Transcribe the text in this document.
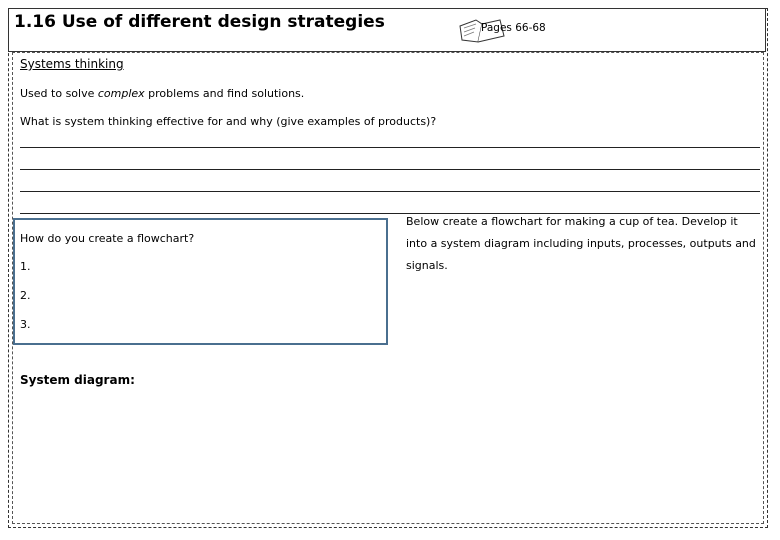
1.16 Use of different design strategies	Pages 66-68
Systems thinking
Used to solve complex problems and find solutions.
What is system thinking effective for and why (give examples of products)?
How do you create a flowchart?
1.
2.
3.
Below create a flowchart for making a cup of tea. Develop it into a system diagram including inputs, processes, outputs and signals.
System diagram:
